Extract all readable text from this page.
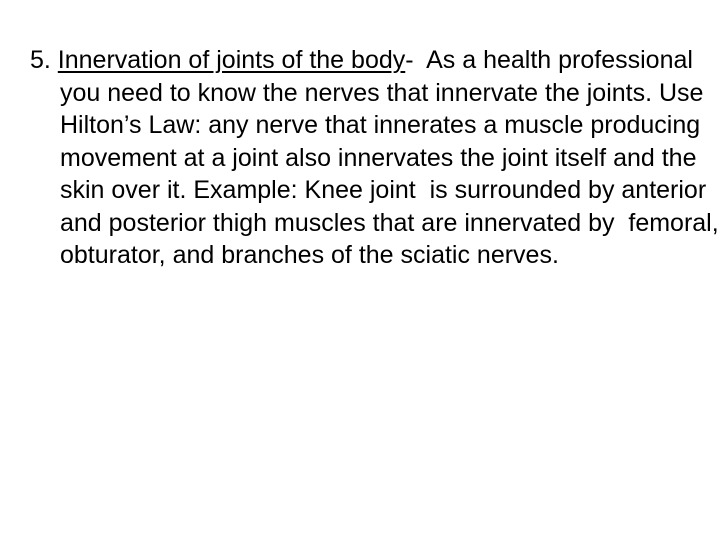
5. Innervation of joints of the body-  As a health professional you need to know the nerves that innervate the joints. Use Hilton’s Law: any nerve that innerates a muscle producing movement at a joint also innervates the joint itself and the skin over it. Example: Knee joint  is surrounded by anterior and posterior thigh muscles that are innervated by  femoral, obturator, and branches of the sciatic nerves.
